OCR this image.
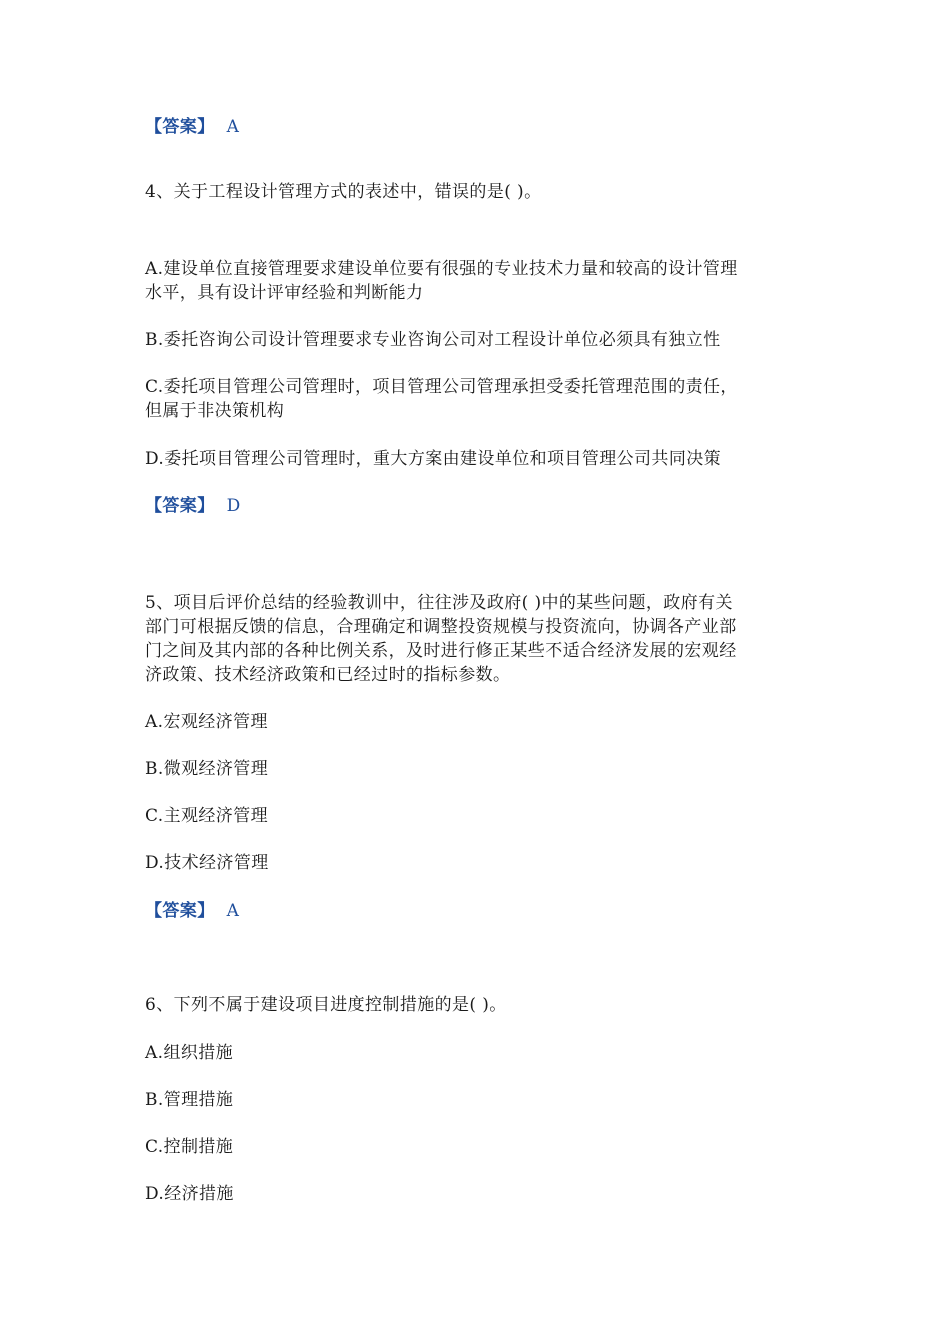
【答案】 A
4、关于工程设计管理方式的表述中，错误的是( )。
A.建设单位直接管理要求建设单位要有很强的专业技术力量和较高的设计管理
水平，具有设计评审经验和判断能力
B.委托咨询公司设计管理要求专业咨询公司对工程设计单位必须具有独立性
C.委托项目管理公司管理时，项目管理公司管理承担受委托管理范围的责任，
但属于非决策机构
D.委托项目管理公司管理时，重大方案由建设单位和项目管理公司共同决策
【答案】 D
5、项目后评价总结的经验教训中，往往涉及政府( )中的某些问题，政府有关
部门可根据反馈的信息，合理确定和调整投资规模与投资流向，协调各产业部
门之间及其内部的各种比例关系，及时进行修正某些不适合经济发展的宏观经
济政策、技术经济政策和已经过时的指标参数。
A.宏观经济管理
B.微观经济管理
C.主观经济管理
D.技术经济管理
【答案】 A
6、下列不属于建设项目进度控制措施的是( )。
A.组织措施
B.管理措施
C.控制措施
D.经济措施
